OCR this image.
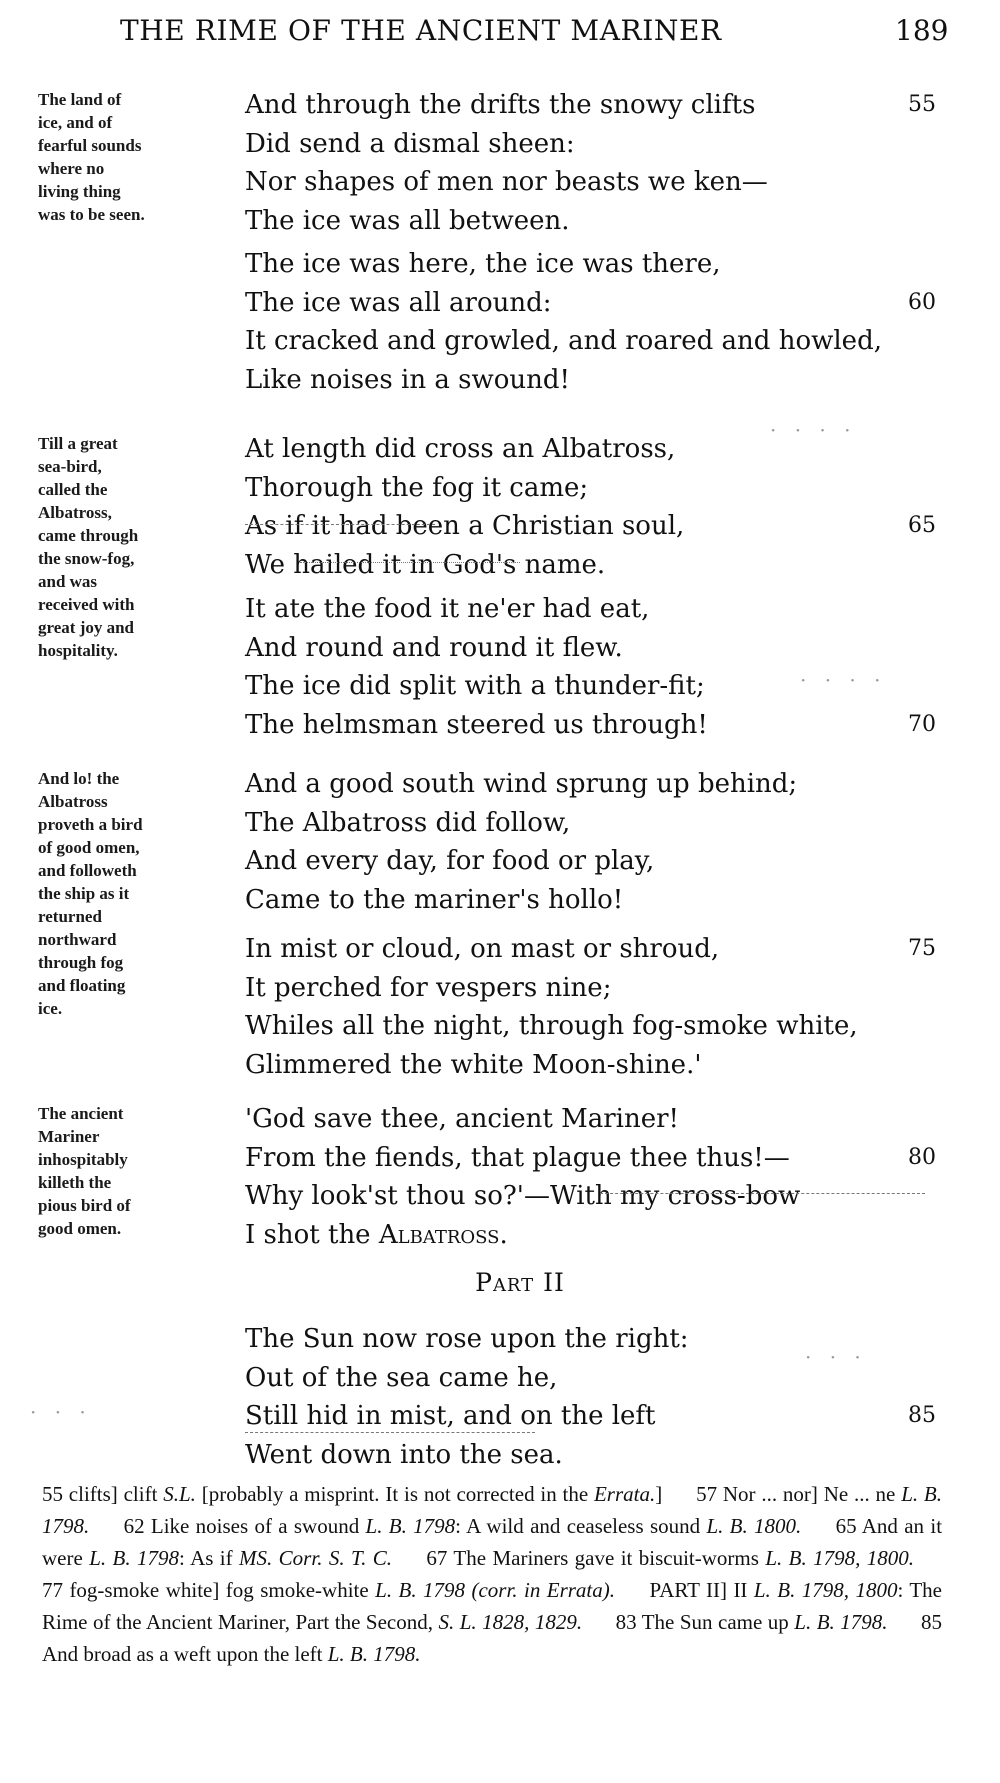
THE RIME OF THE ANCIENT MARINER	189
The land of
ice, and of
fearful sounds
where no
living thing
was to be seen.
And through the drifts the snowy clifts	55
Did send a dismal sheen:
Nor shapes of men nor beasts we ken—
The ice was all between.
The ice was here, the ice was there,
The ice was all around:	60
It cracked and growled, and roared and howled,
Like noises in a swound!
Till a great
sea-bird,
called the
Albatross,
came through
the snow-fog,
and was
received with
great joy and
hospitality.
At length did cross an Albatross,
Thorough the fog it came;
As if it had been a Christian soul,	65
We hailed it in God's name.
It ate the food it ne'er had eat,
And round and round it flew.
The ice did split with a thunder-fit;
The helmsman steered us through!	70
And lo! the
Albatross
proveth a bird
of good omen,
and followeth
the ship as it
returned
northward
through fog
and floating
ice.
And a good south wind sprung up behind;
The Albatross did follow,
And every day, for food or play,
Came to the mariner's hollo!
In mist or cloud, on mast or shroud,	75
It perched for vespers nine;
Whiles all the night, through fog-smoke white,
Glimmered the white Moon-shine.'
The ancient
Mariner
inhospitably
killeth the
pious bird of
good omen.
'God save thee, ancient Mariner!
From the fiends, that plague thee thus!—	80
Why look'st thou so?'—With my cross-bow
I shot the Albatross.
The Sun now rose upon the right:
Out of the sea came he,
Still hid in mist, and on the left	85
Went down into the sea.
Part II

55 clifts] clift S.L. [probably a misprint. It is not corrected in the Errata.] 57 Nor ... nor] Ne ... ne L. B. 1798. 62 Like noises of a swound L. B. 1798: A wild and ceaseless sound L. B. 1800. 65 And an it were L. B. 1798: As if MS. Corr. S. T. C. 67 The Mariners gave it biscuit-worms L. B. 1798, 1800. 77 fog-smoke white] fog smoke-white L. B. 1798 (corr. in Errata). PART II] II L. B. 1798, 1800: The Rime of the Ancient Mariner, Part the Second, S. L. 1828, 1829. 83 The Sun came up L. B. 1798. 85 And broad as a weft upon the left L. B. 1798.

· · · ·
· · · ·
· · ·
· · ·
